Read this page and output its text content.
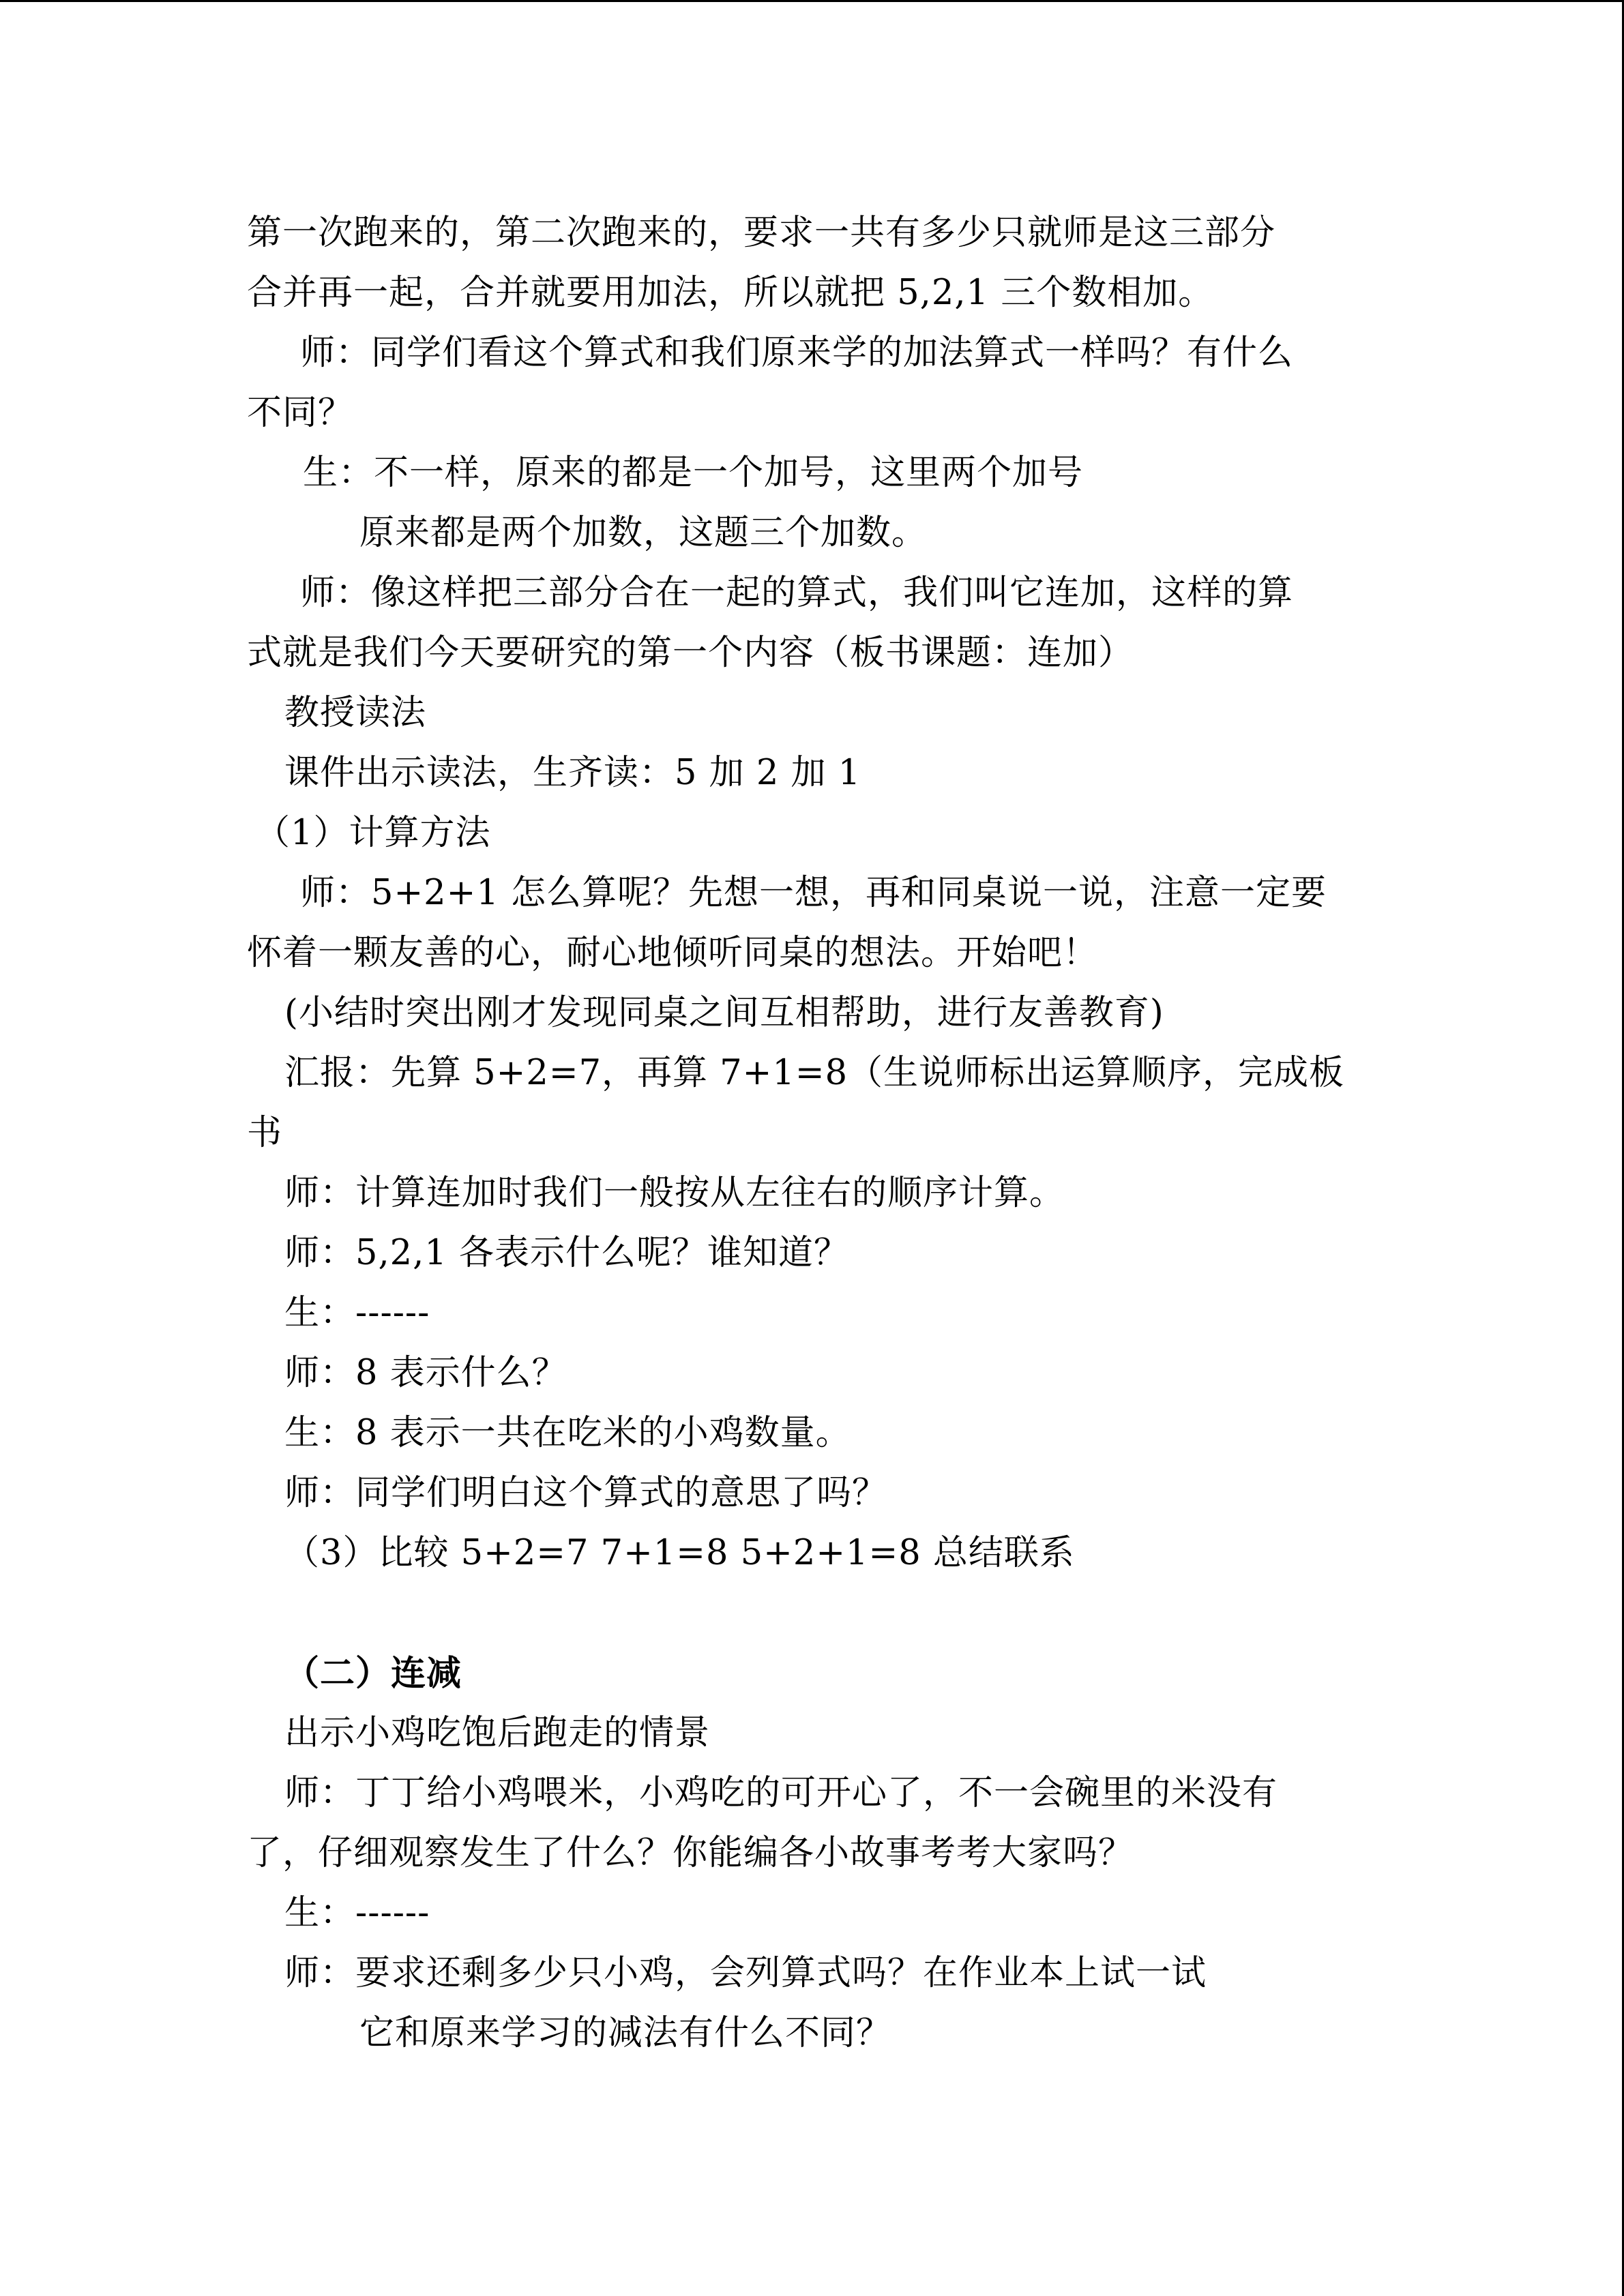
第一次跑来的，第二次跑来的，要求一共有多少只就师是这三部分
合并再一起，合并就要用加法，所以就把 5,2,1 三个数相加。
师：同学们看这个算式和我们原来学的加法算式一样吗？有什么
不同？
生：不一样，原来的都是一个加号，这里两个加号
原来都是两个加数，这题三个加数。
师：像这样把三部分合在一起的算式，我们叫它连加，这样的算
式就是我们今天要研究的第一个内容（板书课题：连加）
教授读法
课件出示读法，生齐读：5 加 2 加 1
（1）计算方法
师：5+2+1 怎么算呢？先想一想，再和同桌说一说，注意一定要
怀着一颗友善的心，耐心地倾听同桌的想法。开始吧！
(小结时突出刚才发现同桌之间互相帮助，进行友善教育)
汇报：先算 5+2=7，再算 7+1=8（生说师标出运算顺序，完成板
书
师：计算连加时我们一般按从左往右的顺序计算。
师：5,2,1 各表示什么呢？谁知道？
生：------
师：8 表示什么？
生：8 表示一共在吃米的小鸡数量。
师：同学们明白这个算式的意思了吗？
（3）比较 5+2=7 7+1=8 5+2+1=8 总结联系
（二）连减
出示小鸡吃饱后跑走的情景
师：丁丁给小鸡喂米，小鸡吃的可开心了，不一会碗里的米没有
了，仔细观察发生了什么？你能编各小故事考考大家吗？
生：------
师：要求还剩多少只小鸡，会列算式吗？在作业本上试一试
它和原来学习的减法有什么不同？
